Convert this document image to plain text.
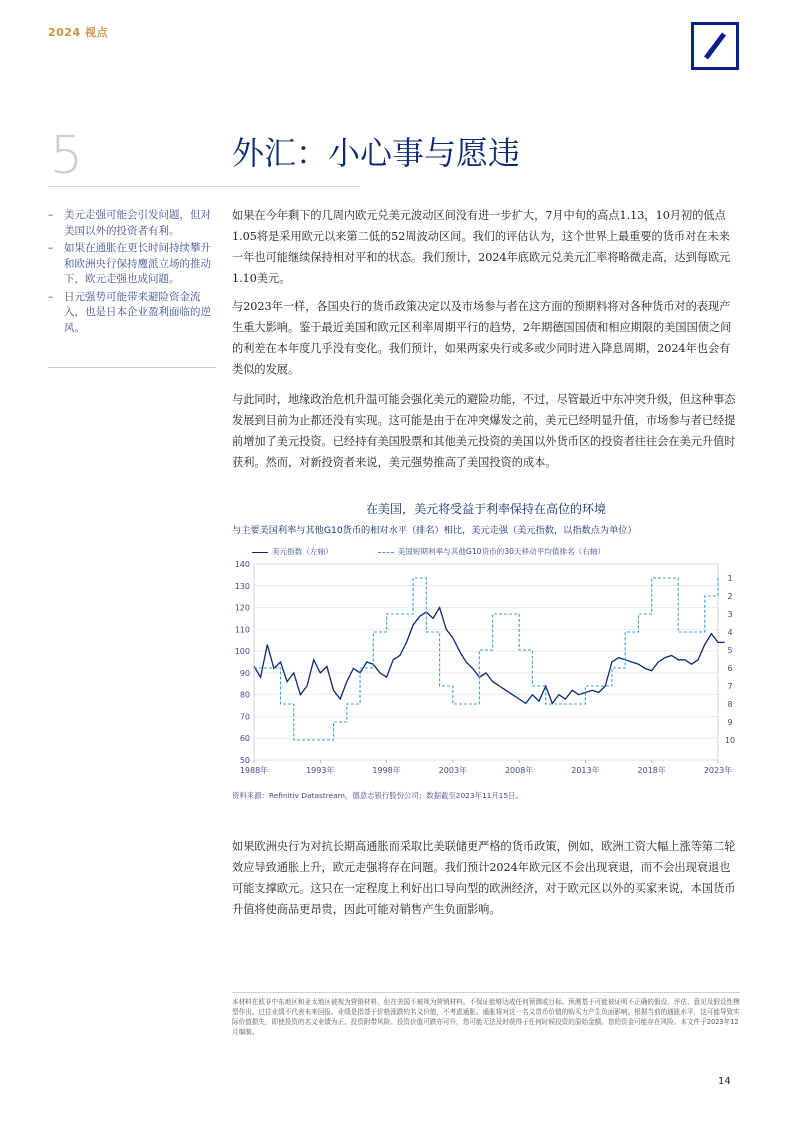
2024 视点
5	外汇：小心事与愿违
– 美元走强可能会引发问题，但对美国以外的投资者有利。
– 如果在通胀在更长时间持续攀升和欧洲央行保持鹰派立场的推动下，欧元走强也成问题。
– 日元强势可能带来避险资金流入，也是日本企业盈利面临的逆风。
如果在今年剩下的几周内欧元兑美元波动区间没有进一步扩大，7月中旬的高点1.13，10月初的低点1.05将是采用欧元以来第二低的52周波动区间。我们的评估认为，这个世界上最重要的货币对在未来一年也可能继续保持相对平和的状态。我们预计，2024年底欧元兑美元汇率将略微走高，达到每欧元1.10美元。
与2023年一样，各国央行的货币政策决定以及市场参与者在这方面的预期料将对各种货币对的表现产生重大影响。鉴于最近美国和欧元区利率周期平行的趋势，2年期德国国债和相应期限的美国国债之间的利差在本年度几乎没有变化。我们预计，如果两家央行或多或少同时进入降息周期，2024年也会有类似的发展。
与此同时，地缘政治危机升温可能会强化美元的避险功能，不过，尽管最近中东冲突升级，但这种事态发展到目前为止都还没有实现。这可能是由于在冲突爆发之前，美元已经明显升值，市场参与者已经提前增加了美元投资。已经持有美国股票和其他美元投资的美国以外货币区的投资者往往会在美元升值时获利。然而，对新投资者来说，美元强势推高了美国投资的成本。
在美国，美元将受益于利率保持在高位的环境
与主要美国利率与其他G10货币的相对水平（排名）相比，美元走强（美元指数，以指数点为单位）
美元指数（左轴）	美国短期利率与其他G10货币的30天移动平均值排名（右轴）
140
130
120
110
100
90
80
70
60
50
1
2
3
4
5
6
7
8
9
10
1988年	1993年	1998年	2003年	2008年	2013年	2018年	2023年
资料来源：Refinitiv Datastream，德意志银行股份公司；数据截至2023年11月15日。
如果欧洲央行为对抗长期高通胀而采取比美联储更严格的货币政策，例如，欧洲工资大幅上涨等第二轮效应导致通胀上升，欧元走强将存在问题。我们预计2024年欧元区不会出现衰退，而不会出现衰退也可能支撑欧元。这只在一定程度上利好出口导向型的欧洲经济，对于欧元区以外的买家来说，本国货币升值将使商品更昂贵，因此可能对销售产生负面影响。
本材料在欧非中东地区和亚太地区被视为营销材料，但在美国不被视为营销材料。不保证能够达成任何预测或目标。预测基于可能被证明不正确的假设、评估、意见及假设性模型作出。过往业绩不代表未来回报。业绩是指基于价格涨跌的名义价值，不考虑通胀。通胀将对这一名义货币价值的购买力产生负面影响。根据当前的通胀水平，这可能导致实际价值损失，即使投资的名义业绩为正。投资附带风险。投资价值可跌亦可升，您可能无法及时获得于任何时候投资的原始金额。您的资金可能存在风险。本文件于2023年12月编制。
14
